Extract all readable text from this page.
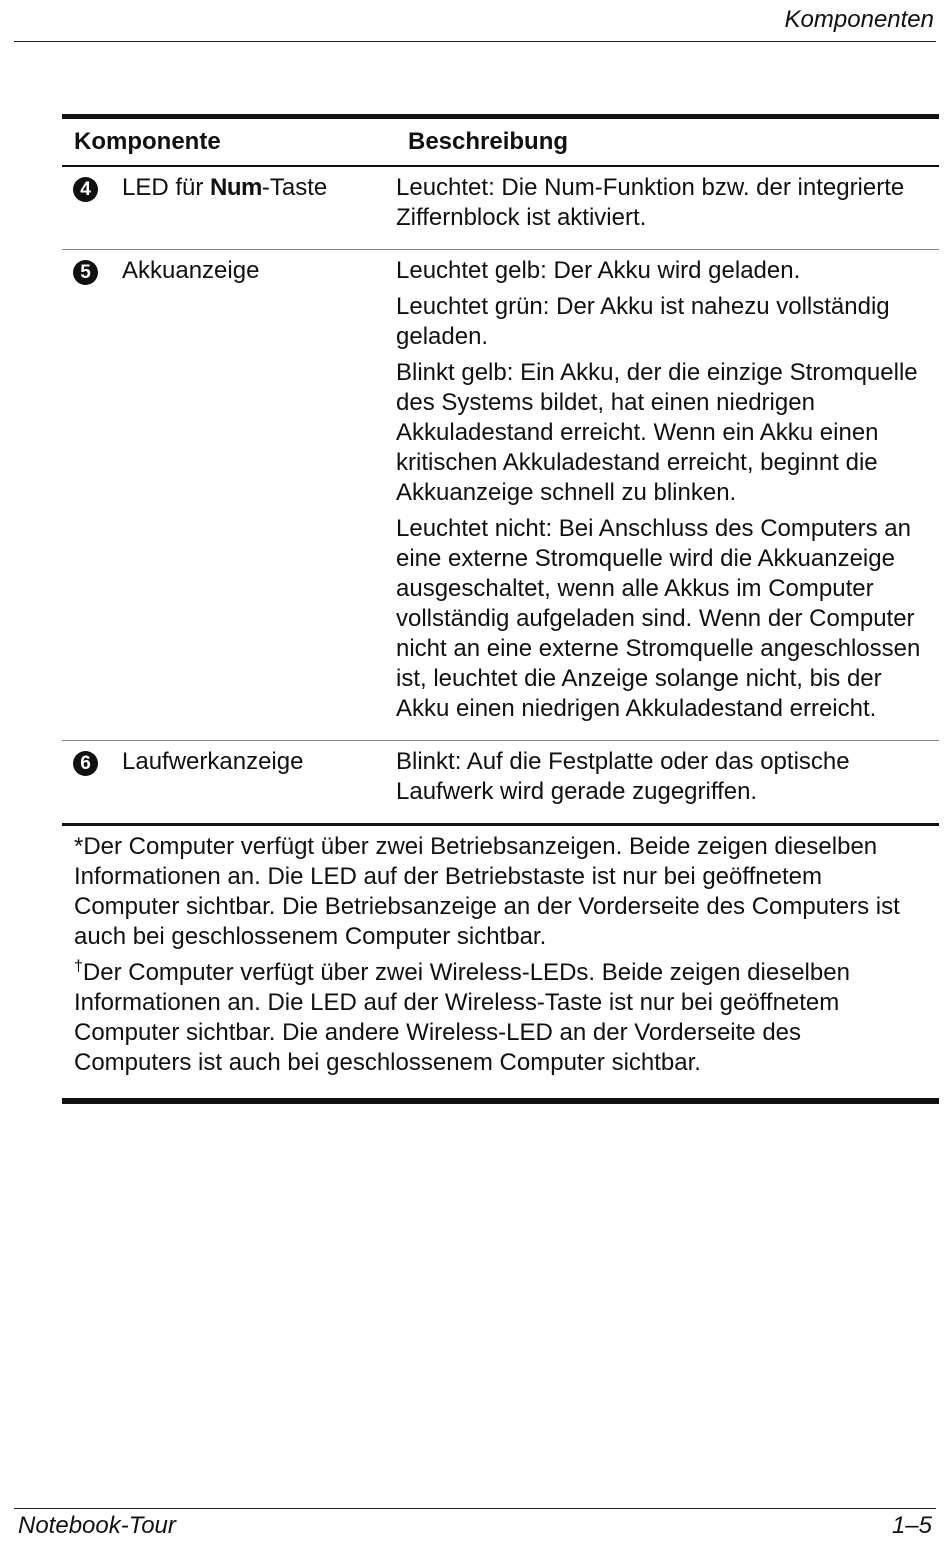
Komponenten
Komponente	Beschreibung
4	LED für Num-Taste	Leuchtet: Die Num-Funktion bzw. der integrierte Ziffernblock ist aktiviert.

5	Akkuanzeige	Leuchtet gelb: Der Akku wird geladen.

Leuchtet grün: Der Akku ist nahezu vollständig geladen.

Blinkt gelb: Ein Akku, der die einzige Stromquelle des Systems bildet, hat einen niedrigen Akkuladestand erreicht. Wenn ein Akku einen kritischen Akkuladestand erreicht, beginnt die Akkuanzeige schnell zu blinken.

Leuchtet nicht: Bei Anschluss des Computers an eine externe Stromquelle wird die Akkuanzeige ausgeschaltet, wenn alle Akkus im Computer vollständig aufgeladen sind. Wenn der Computer nicht an eine externe Stromquelle angeschlossen ist, leuchtet die Anzeige solange nicht, bis der Akku einen niedrigen Akkuladestand erreicht.

6	Laufwerkanzeige	Blinkt: Auf die Festplatte oder das optische Laufwerk wird gerade zugegriffen.

*Der Computer verfügt über zwei Betriebsanzeigen. Beide zeigen dieselben Informationen an. Die LED auf der Betriebstaste ist nur bei geöffnetem Computer sichtbar. Die Betriebsanzeige an der Vorderseite des Computers ist auch bei geschlossenem Computer sichtbar.

†Der Computer verfügt über zwei Wireless-LEDs. Beide zeigen dieselben Informationen an. Die LED auf der Wireless-Taste ist nur bei geöffnetem Computer sichtbar. Die andere Wireless-LED an der Vorderseite des Computers ist auch bei geschlossenem Computer sichtbar.

Notebook-Tour	1–5
